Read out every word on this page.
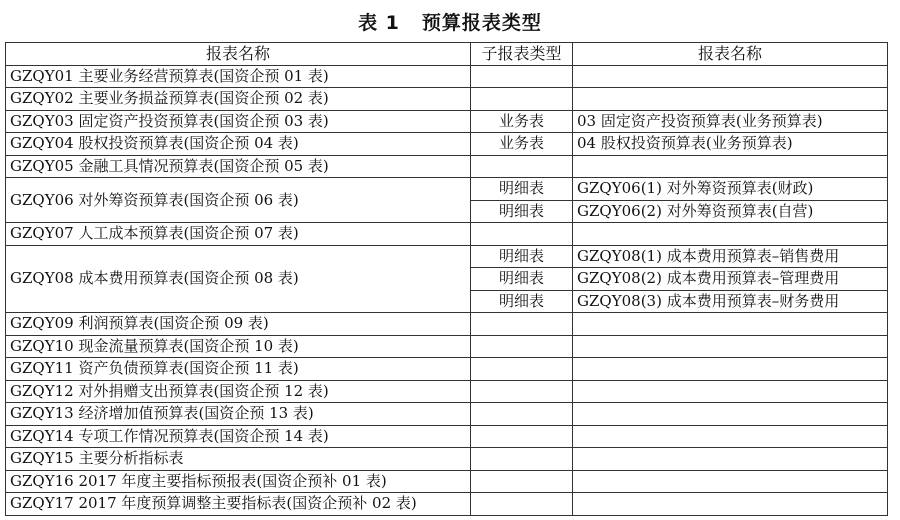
表 1 预算报表类型
报表名称	子报表类型	报表名称
GZQY01 主要业务经营预算表(国资企预 01 表)		
GZQY02 主要业务损益预算表(国资企预 02 表)		
GZQY03 固定资产投资预算表(国资企预 03 表)	业务表	03 固定资产投资预算表(业务预算表)
GZQY04 股权投资预算表(国资企预 04 表)	业务表	04 股权投资预算表(业务预算表)
GZQY05 金融工具情况预算表(国资企预 05 表)		
GZQY06 对外筹资预算表(国资企预 06 表)	明细表	GZQY06(1) 对外筹资预算表(财政)
	明细表	GZQY06(2) 对外筹资预算表(自营)
GZQY07 人工成本预算表(国资企预 07 表)		
GZQY08 成本费用预算表(国资企预 08 表)	明细表	GZQY08(1) 成本费用预算表–销售费用
	明细表	GZQY08(2) 成本费用预算表–管理费用
	明细表	GZQY08(3) 成本费用预算表–财务费用
GZQY09 利润预算表(国资企预 09 表)		
GZQY10 现金流量预算表(国资企预 10 表)		
GZQY11 资产负债预算表(国资企预 11 表)		
GZQY12 对外捐赠支出预算表(国资企预 12 表)		
GZQY13 经济增加值预算表(国资企预 13 表)		
GZQY14 专项工作情况预算表(国资企预 14 表)		
GZQY15 主要分析指标表		
GZQY16 2017 年度主要指标预报表(国资企预补 01 表)		
GZQY17 2017 年度预算调整主要指标表(国资企预补 02 表)		
